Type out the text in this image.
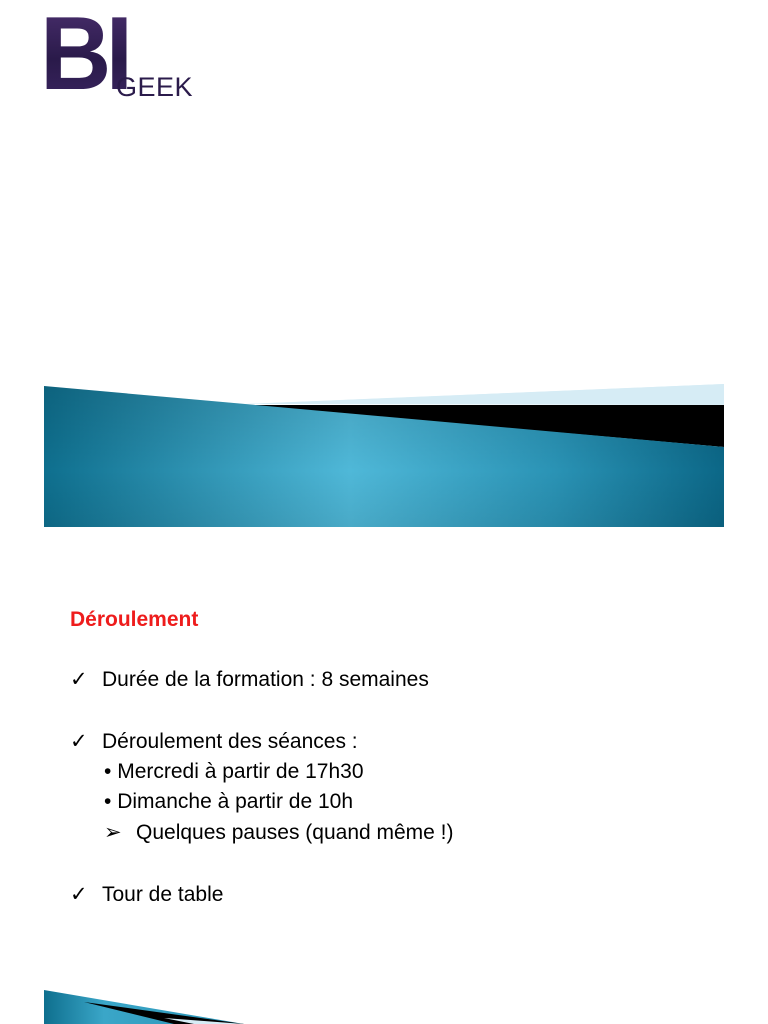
BI
GEEK
Déroulement
✓ Durée de la formation : 8 semaines
✓ Déroulement des séances :
• Mercredi à partir de 17h30
• Dimanche à partir de 10h
➢ Quelques pauses (quand même !)
✓ Tour de table
